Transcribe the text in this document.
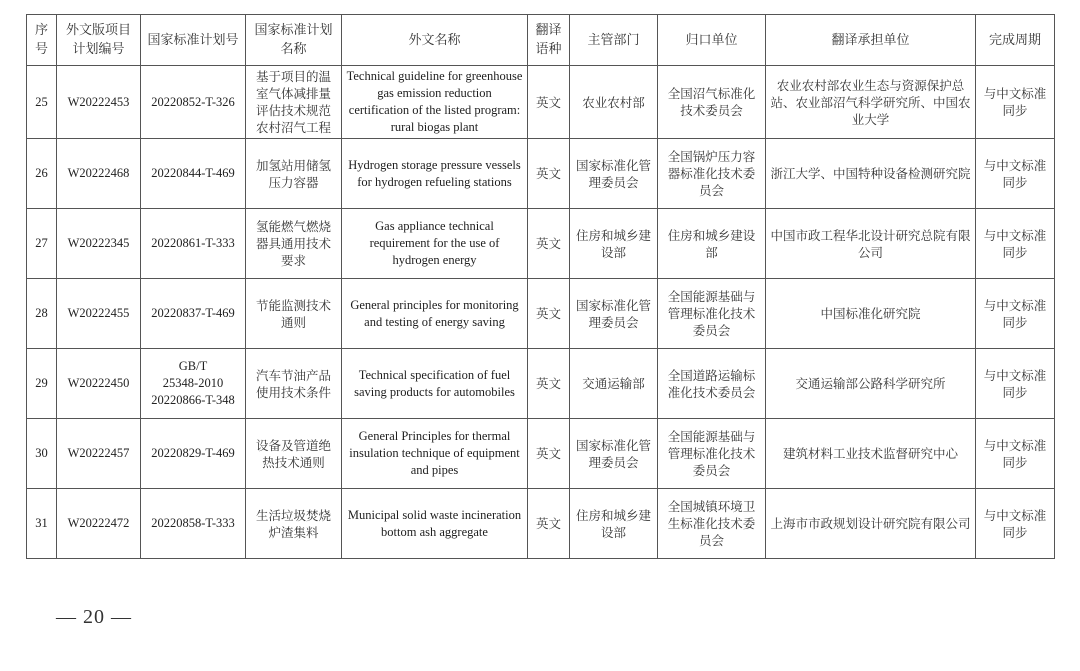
序号	外文版项目计划编号	国家标准计划号	国家标准计划名称	外文名称	翻译语种	主管部门	归口单位	翻译承担单位	完成周期
25	W20222453	20220852-T-326	基于项目的温室气体减排量评估技术规范 农村沼气工程	Technical guideline for greenhouse gas emission reduction certification of the listed program: rural biogas plant	英文	农业农村部	全国沼气标准化技术委员会	农业农村部农业生态与资源保护总站、农业部沼气科学研究所、中国农业大学	与中文标准同步
26	W20222468	20220844-T-469	加氢站用储氢压力容器	Hydrogen storage pressure vessels for hydrogen refueling stations	英文	国家标准化管理委员会	全国锅炉压力容器标准化技术委员会	浙江大学、中国特种设备检测研究院	与中文标准同步
27	W20222345	20220861-T-333	氢能燃气燃烧器具通用技术要求	Gas appliance technical requirement for the use of hydrogen energy	英文	住房和城乡建设部	住房和城乡建设部	中国市政工程华北设计研究总院有限公司	与中文标准同步
28	W20222455	20220837-T-469	节能监测技术通则	General principles for monitoring and testing of energy saving	英文	国家标准化管理委员会	全国能源基础与管理标准化技术委员会	中国标准化研究院	与中文标准同步
29	W20222450	GB/T
25348-2010
20220866-T-348	汽车节油产品使用技术条件	Technical specification of fuel saving products for automobiles	英文	交通运输部	全国道路运输标准化技术委员会	交通运输部公路科学研究所	与中文标准同步
30	W20222457	20220829-T-469	设备及管道绝热技术通则	General Principles for thermal insulation technique of equipment and pipes	英文	国家标准化管理委员会	全国能源基础与管理标准化技术委员会	建筑材料工业技术监督研究中心	与中文标准同步
31	W20222472	20220858-T-333	生活垃圾焚烧炉渣集料	Municipal solid waste incineration bottom ash aggregate	英文	住房和城乡建设部	全国城镇环境卫生标准化技术委员会	上海市市政规划设计研究院有限公司	与中文标准同步
— 20 —
